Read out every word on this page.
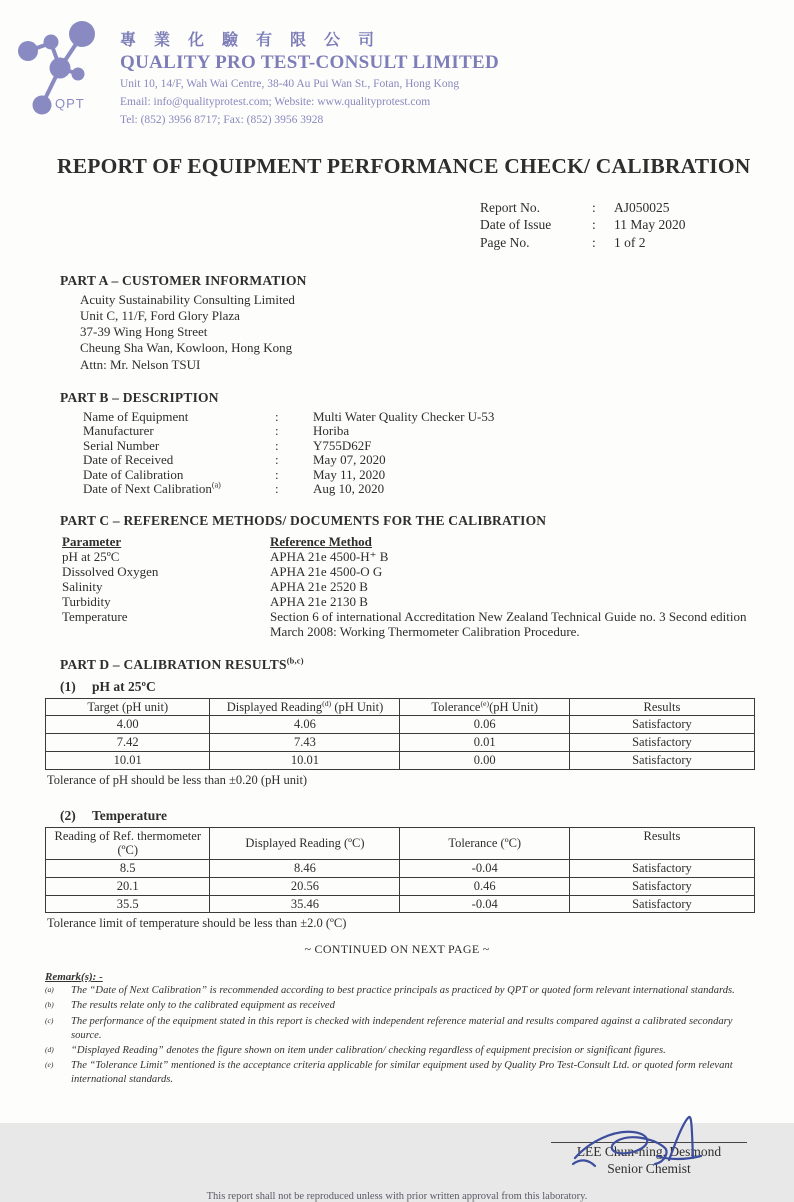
QPT
專 業 化 驗 有 限 公 司
QUALITY PRO TEST-CONSULT LIMITED
Unit 10, 14/F, Wah Wai Centre, 38-40 Au Pui Wan St., Fotan, Hong Kong
Email: info@qualityprotest.com; Website: www.qualityprotest.com
Tel: (852) 3956 8717; Fax: (852) 3956 3928
REPORT OF EQUIPMENT PERFORMANCE CHECK/ CALIBRATION
Report No.	:	AJ050025
Date of Issue	:	11 May 2020
Page No.	:	1 of 2
PART A – CUSTOMER INFORMATION
Acuity Sustainability Consulting Limited
Unit C, 11/F, Ford Glory Plaza
37-39 Wing Hong Street
Cheung Sha Wan, Kowloon, Hong Kong
Attn: Mr. Nelson TSUI
PART B – DESCRIPTION
Name of Equipment	:	Multi Water Quality Checker U-53
Manufacturer	:	Horiba
Serial Number	:	Y755D62F
Date of Received	:	May 07, 2020
Date of Calibration	:	May 11, 2020
Date of Next Calibration$^{(a)}$	:	Aug 10, 2020
PART C – REFERENCE METHODS/ DOCUMENTS FOR THE CALIBRATION
Parameter	Reference Method
pH at 25ºC	APHA 21e 4500-H⁺ B
Dissolved Oxygen	APHA 21e 4500-O G
Salinity	APHA 21e 2520 B
Turbidity	APHA 21e 2130 B
Temperature	Section 6 of international Accreditation New Zealand Technical Guide no. 3 Second edition March 2008: Working Thermometer Calibration Procedure.
PART D – CALIBRATION RESULTS$^{(b,c)}$
(1) pH at 25ºC
Target (pH unit)	Displayed Reading$^{(d)}$ (pH Unit)	Tolerance$^{(e)}$(pH Unit)	Results
4.00	4.06	0.06	Satisfactory
7.42	7.43	0.01	Satisfactory
10.01	10.01	0.00	Satisfactory
Tolerance of pH should be less than ±0.20 (pH unit)
(2) Temperature
Reading of Ref. thermometer
(ºC)	Displayed Reading (ºC)	Tolerance (ºC)	Results
8.5	8.46	-0.04	Satisfactory
20.1	20.56	0.46	Satisfactory
35.5	35.46	-0.04	Satisfactory
Tolerance limit of temperature should be less than ±2.0 (ºC)
~ CONTINUED ON NEXT PAGE ~
Remark(s): -
(a)	The “Date of Next Calibration” is recommended according to best practice principals as practiced by QPT or quoted form relevant international standards.
(b)	The results relate only to the calibrated equipment as received
(c)	The performance of the equipment stated in this report is checked with independent reference material and results compared against a calibrated secondary source.
(d)	“Displayed Reading” denotes the figure shown on item under calibration/ checking regardless of equipment precision or significant figures.
(e)	The “Tolerance Limit” mentioned is the acceptance criteria applicable for similar equipment used by Quality Pro Test-Consult Ltd. or quoted form relevant international standards.
LEE Chun-ning, Desmond
Senior Chemist
This report shall not be reproduced unless with prior written approval from this laboratory.
